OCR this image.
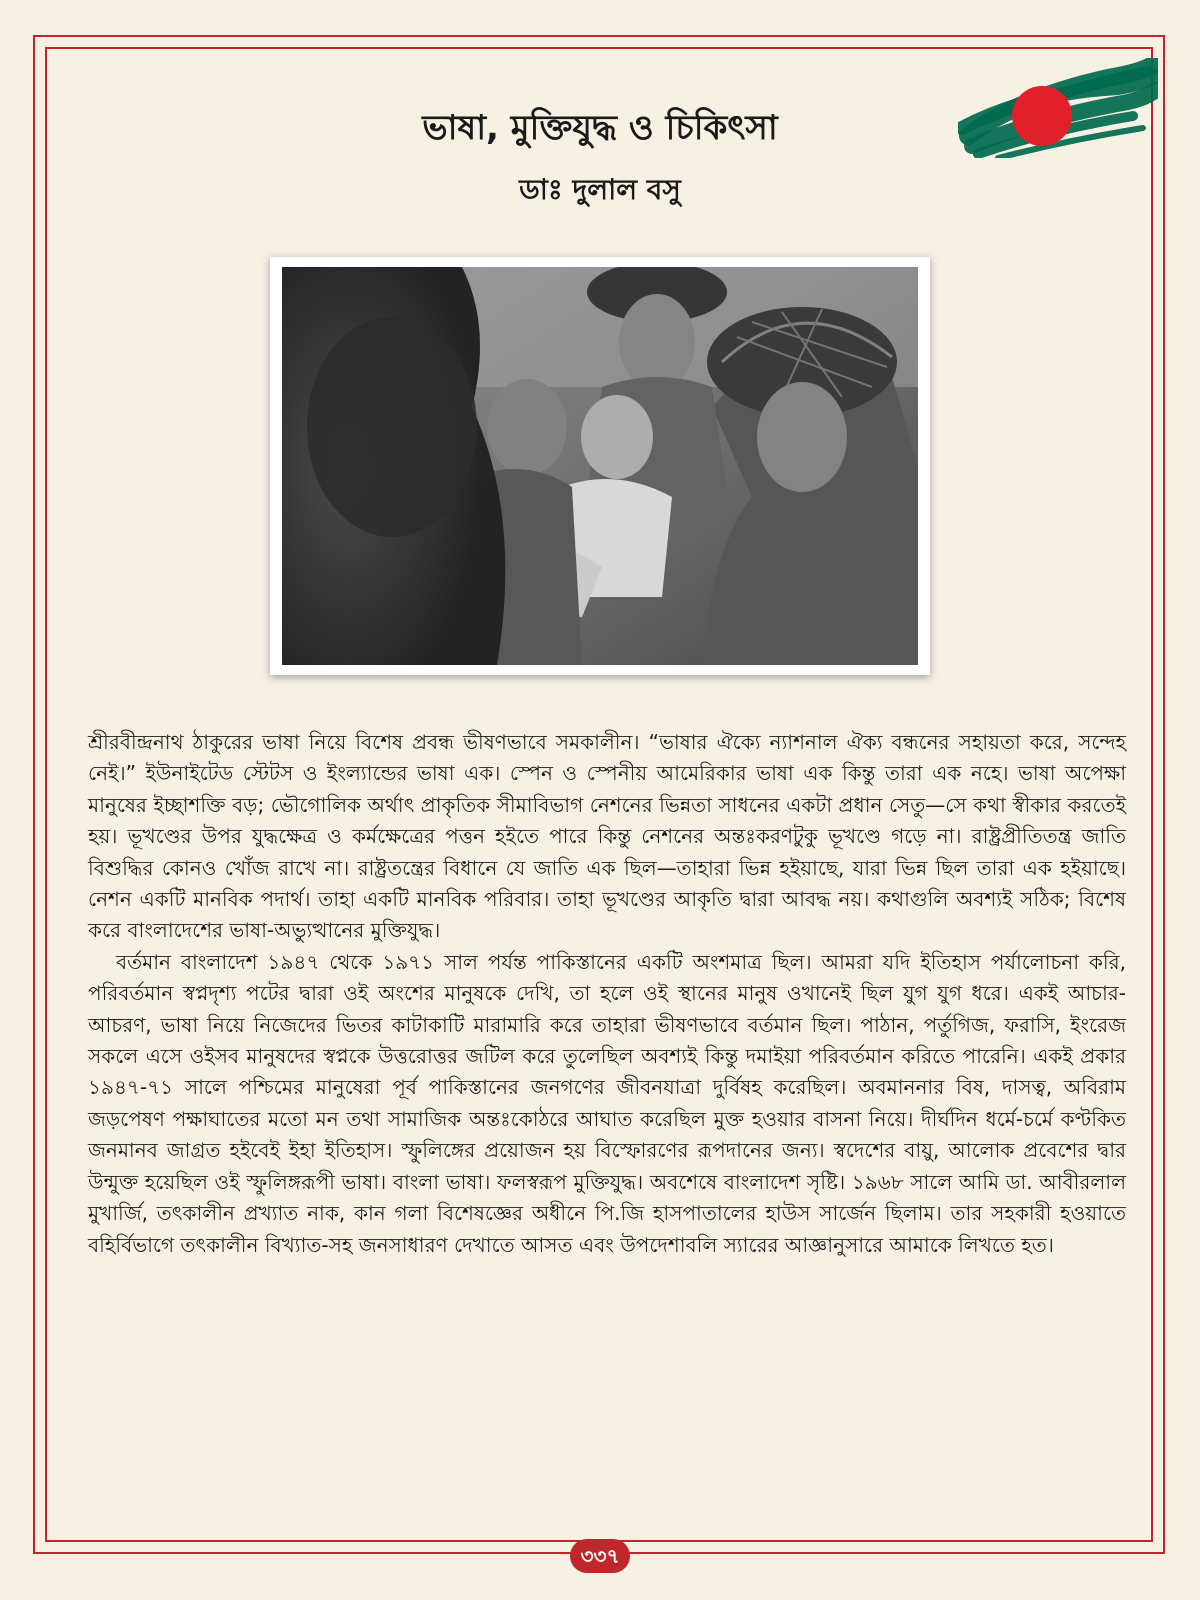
ভাষা, মুক্তিযুদ্ধ ও চিকিৎসা
ডাঃ দুলাল বসু

শ্রীরবীন্দ্রনাথ ঠাকুরের ভাষা নিয়ে বিশেষ প্রবন্ধ ভীষণভাবে সমকালীন। “ভাষার ঐক্যে ন্যাশনাল ঐক্য বন্ধনের সহায়তা করে, সন্দেহ নেই।” ইউনাইটেড স্টেটস ও ইংল্যান্ডের ভাষা এক। স্পেন ও স্পেনীয় আমেরিকার ভাষা এক কিন্তু তারা এক নহে। ভাষা অপেক্ষা মানুষের ইচ্ছাশক্তি বড়; ভৌগোলিক অর্থাৎ প্রাকৃতিক সীমাবিভাগ নেশনের ভিন্নতা সাধনের একটা প্রধান সেতু—সে কথা স্বীকার করতেই হয়। ভূখণ্ডের উপর যুদ্ধক্ষেত্র ও কর্মক্ষেত্রের পত্তন হইতে পারে কিন্তু নেশনের অন্তঃকরণটুকু ভূখণ্ডে গড়ে না। রাষ্ট্রপ্রীতিতন্ত্র জাতি বিশুদ্ধির কোনও খোঁজ রাখে না। রাষ্ট্রতন্ত্রের বিধানে যে জাতি এক ছিল—তাহারা ভিন্ন হইয়াছে, যারা ভিন্ন ছিল তারা এক হইয়াছে। নেশন একটি মানবিক পদার্থ। তাহা একটি মানবিক পরিবার। তাহা ভূখণ্ডের আকৃতি দ্বারা আবদ্ধ নয়। কথাগুলি অবশ্যই সঠিক; বিশেষ করে বাংলাদেশের ভাষা-অভ্যুত্থানের মুক্তিযুদ্ধ।

বর্তমান বাংলাদেশ ১৯৪৭ থেকে ১৯৭১ সাল পর্যন্ত পাকিস্তানের একটি অংশমাত্র ছিল। আমরা যদি ইতিহাস পর্যালোচনা করি, পরিবর্তমান স্বপ্নদৃশ্য পটের দ্বারা ওই অংশের মানুষকে দেখি, তা হলে ওই স্থানের মানুষ ওখানেই ছিল যুগ যুগ ধরে। একই আচার-আচরণ, ভাষা নিয়ে নিজেদের ভিতর কাটাকাটি মারামারি করে তাহারা ভীষণভাবে বর্তমান ছিল। পাঠান, পর্তুগিজ, ফরাসি, ইংরেজ সকলে এসে ওইসব মানুষদের স্বপ্নকে উত্তরোত্তর জটিল করে তুলেছিল অবশ্যই কিন্তু দমাইয়া পরিবর্তমান করিতে পারেনি। একই প্রকার ১৯৪৭-৭১ সালে পশ্চিমের মানুষেরা পূর্ব পাকিস্তানের জনগণের জীবনযাত্রা দুর্বিষহ করেছিল। অবমাননার বিষ, দাসত্ব, অবিরাম জড়পেষণ পক্ষাঘাতের মতো মন তথা সামাজিক অন্তঃকোঠরে আঘাত করেছিল মুক্ত হওয়ার বাসনা নিয়ে। দীর্ঘদিন ধর্মে-চর্মে কণ্টকিত জনমানব জাগ্রত হইবেই ইহা ইতিহাস। স্ফুলিঙ্গের প্রয়োজন হয় বিস্ফোরণের রূপদানের জন্য। স্বদেশের বায়ু, আলোক প্রবেশের দ্বার উন্মুক্ত হয়েছিল ওই স্ফুলিঙ্গরূপী ভাষা। বাংলা ভাষা। ফলস্বরূপ মুক্তিযুদ্ধ। অবশেষে বাংলাদেশ সৃষ্টি। ১৯৬৮ সালে আমি ডা. আবীরলাল মুখার্জি, তৎকালীন প্রখ্যাত নাক, কান গলা বিশেষজ্ঞের অধীনে পি.জি হাসপাতালের হাউস সার্জেন ছিলাম। তার সহকারী হওয়াতে বহির্বিভাগে তৎকালীন বিখ্যাত-সহ জনসাধারণ দেখাতে আসত এবং উপদেশাবলি স্যারের আজ্ঞানুসারে আমাকে লিখতে হত।

৩৩৭
